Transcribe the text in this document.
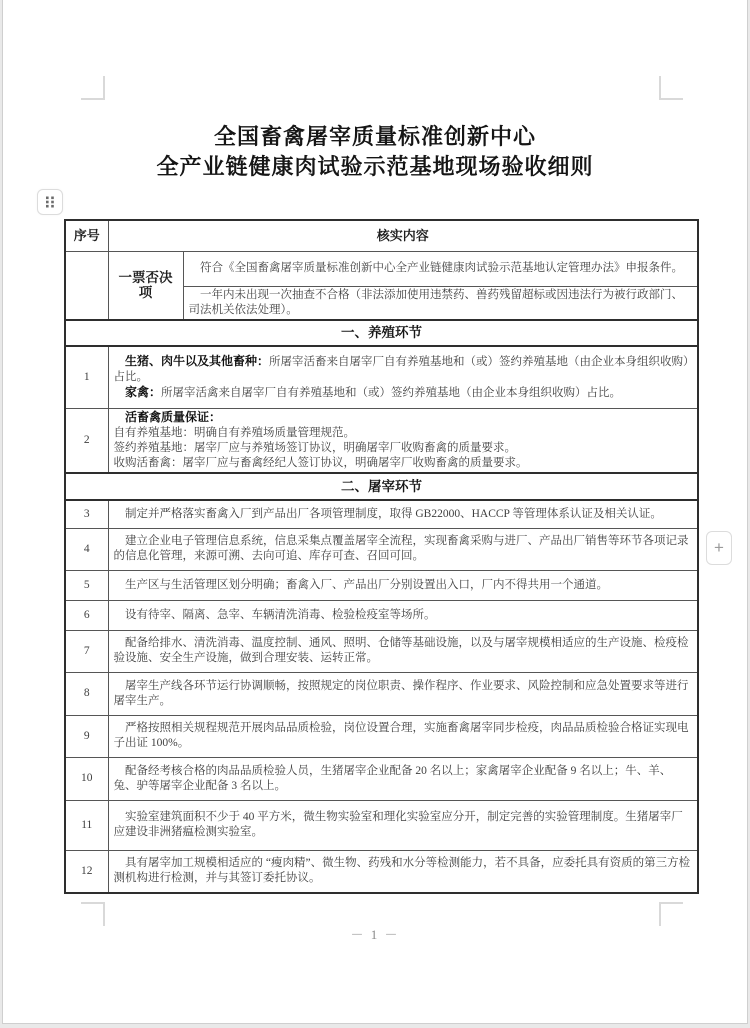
全国畜禽屠宰质量标准创新中心

全产业链健康肉试验示范基地现场验收细则

序号	核实内容	
	一票否决项	符合《全国畜禽屠宰质量标准创新中心全产业链健康肉试验示范基地认定管理办法》申报条件。

		一年内未出现一次抽查不合格（非法添加使用违禁药、兽药残留超标或因违法行为被行政部门、司法机关依法处理）。

一、养殖环节		
1	生猪、肉牛以及其他畜种：所屠宰活畜来自屠宰厂自有养殖基地和（或）签约养殖基地（由企业本身组织收购）占比。

家禽：所屠宰活禽来自屠宰厂自有养殖基地和（或）签约养殖基地（由企业本身组织收购）占比。	

2	活畜禽质量保证：

自有养殖基地：明确自有养殖场质量管理规范。

签约养殖基地：屠宰厂应与养殖场签订协议，明确屠宰厂收购畜禽的质量要求。

收购活畜禽：屠宰厂应与畜禽经纪人签订协议，明确屠宰厂收购畜禽的质量要求。	

二、屠宰环节		
3	制定并严格落实畜禽入厂到产品出厂各项管理制度，取得 GB22000、HACCP 等管理体系认证及相关认证。	

4	建立企业电子管理信息系统，信息采集点覆盖屠宰全流程，实现畜禽采购与进厂、产品出厂销售等环节各项记录的信息化管理，来源可溯、去向可追、库存可查、召回可回。	

5	生产区与生活管理区划分明确；畜禽入厂、产品出厂分别设置出入口，厂内不得共用一个通道。	

6	设有待宰、隔离、急宰、车辆清洗消毒、检验检疫室等场所。	

7	配备给排水、清洗消毒、温度控制、通风、照明、仓储等基础设施，以及与屠宰规模相适应的生产设施、检疫检验设施、安全生产设施，做到合理安装、运转正常。	

8	屠宰生产线各环节运行协调顺畅，按照规定的岗位职责、操作程序、作业要求、风险控制和应急处置要求等进行屠宰生产。	

9	严格按照相关规程规范开展肉品品质检验，岗位设置合理，实施畜禽屠宰同步检疫，肉品品质检验合格证实现电子出证 100%。	

10	配备经考核合格的肉品品质检验人员，生猪屠宰企业配备 20 名以上；家禽屠宰企业配备 9 名以上；牛、羊、兔、驴等屠宰企业配备 3 名以上。	

11	实验室建筑面积不少于 40 平方米，微生物实验室和理化实验室应分开，制定完善的实验管理制度。生猪屠宰厂应建设非洲猪瘟检测实验室。	

12	具有屠宰加工规模相适应的 “瘦肉精”、微生物、药残和水分等检测能力，若不具备，应委托具有资质的第三方检测机构进行检测，并与其签订委托协议。	

－ 1 －
+
